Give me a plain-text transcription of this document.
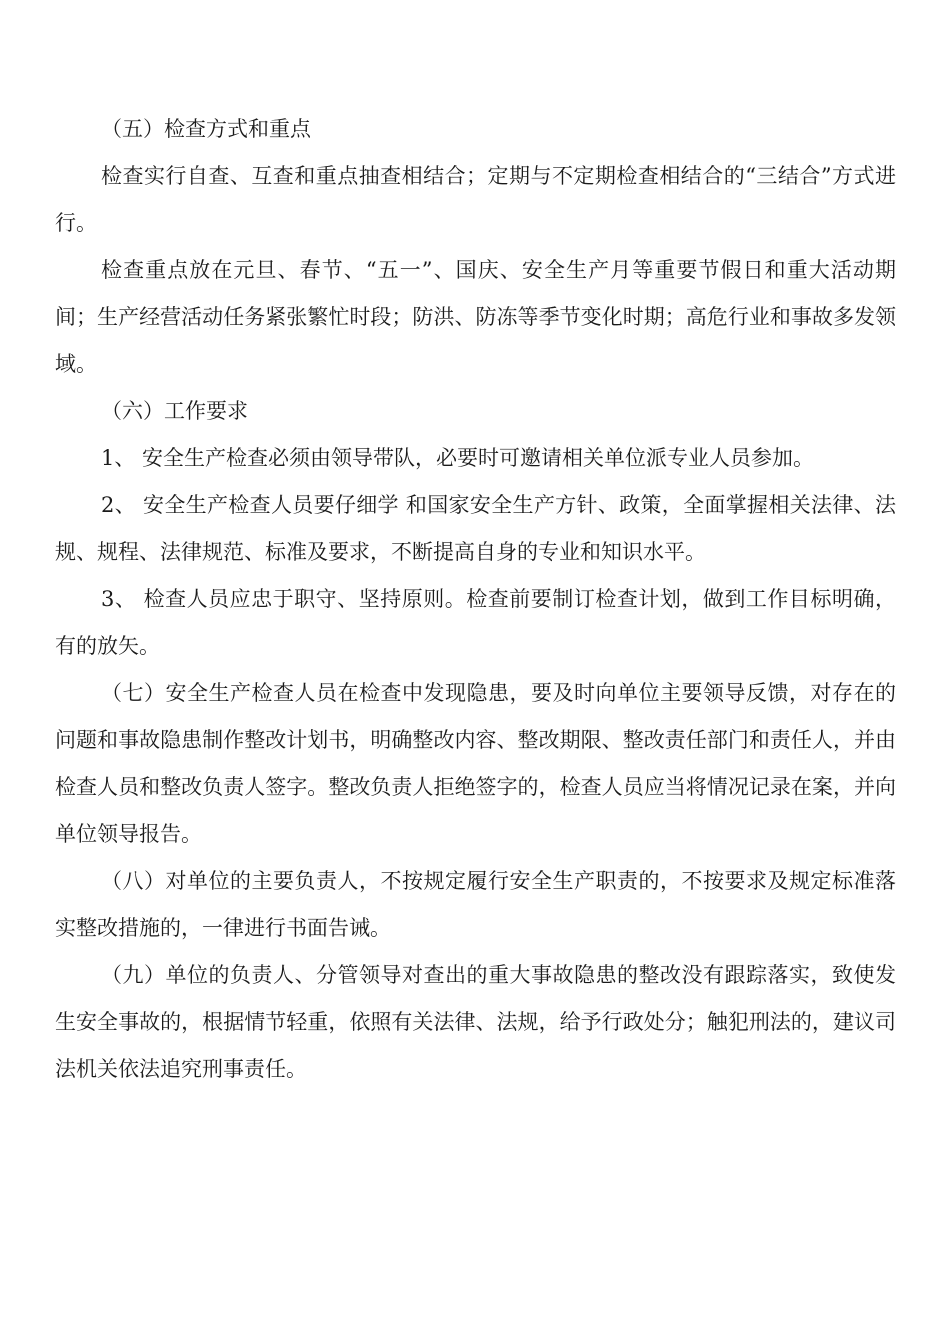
（五）检查方式和重点

检查实行自查、互查和重点抽查相结合；定期与不定期检查相结合的“三结合”方式进行。

检查重点放在元旦、春节、“五一”、国庆、安全生产月等重要节假日和重大活动期间；生产经营活动任务紧张繁忙时段；防洪、防冻等季节变化时期；高危行业和事故多发领域。

（六）工作要求

1、 安全生产检查必须由领导带队，必要时可邀请相关单位派专业人员参加。

2、 安全生产检查人员要仔细学 和国家安全生产方针、政策，全面掌握相关法律、法规、规程、法律规范、标准及要求，不断提高自身的专业和知识水平。

3、 检查人员应忠于职守、坚持原则。检查前要制订检查计划，做到工作目标明确，有的放矢。

（七）安全生产检查人员在检查中发现隐患，要及时向单位主要领导反馈，对存在的问题和事故隐患制作整改计划书，明确整改内容、整改期限、整改责任部门和责任人，并由检查人员和整改负责人签字。整改负责人拒绝签字的，检查人员应当将情况记录在案，并向单位领导报告。

（八）对单位的主要负责人，不按规定履行安全生产职责的，不按要求及规定标准落实整改措施的，一律进行书面告诫。

（九）单位的负责人、分管领导对查出的重大事故隐患的整改没有跟踪落实，致使发生安全事故的，根据情节轻重，依照有关法律、法规，给予行政处分；触犯刑法的，建议司法机关依法追究刑事责任。
